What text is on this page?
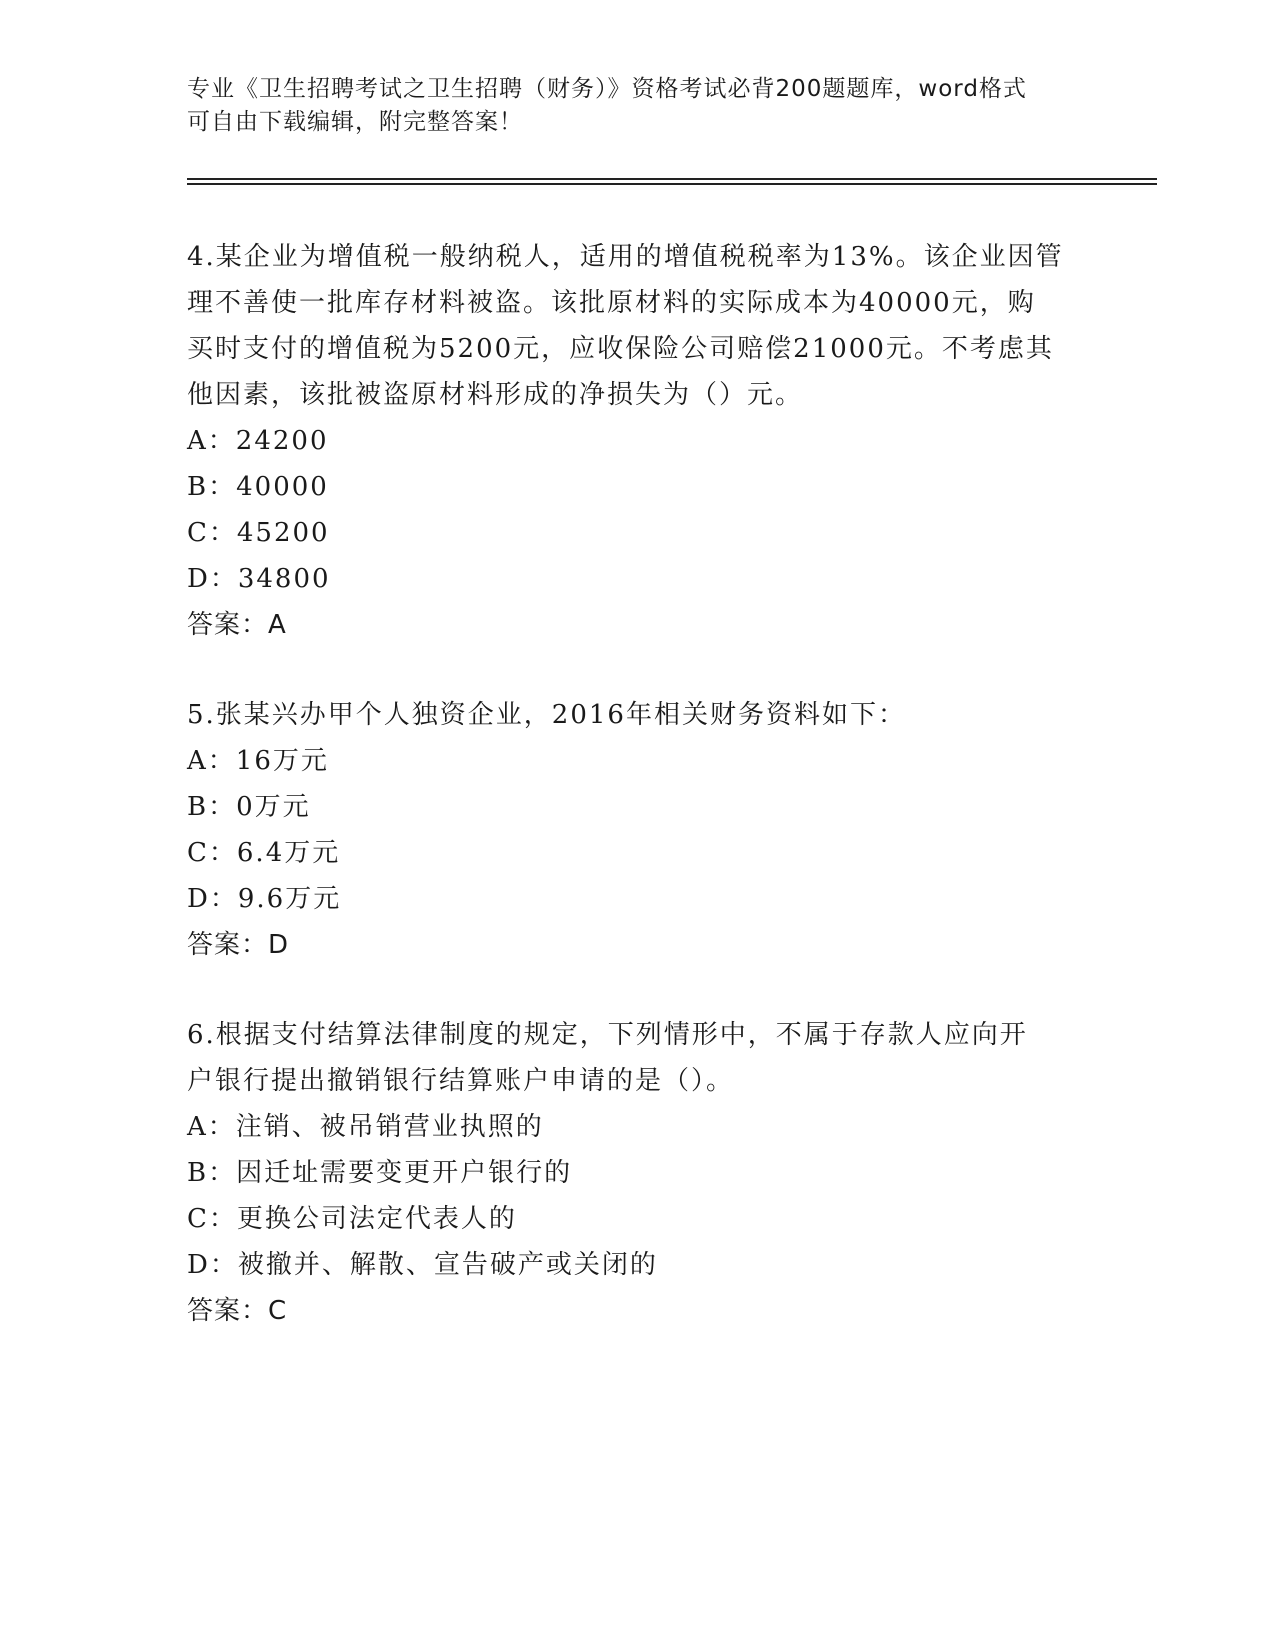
专业《卫生招聘考试之卫生招聘（财务）》资格考试必背200题题库，word格式
可自由下载编辑，附完整答案！

4.某企业为增值税一般纳税人，适用的增值税税率为13%。该企业因管

理不善使一批库存材料被盗。该批原材料的实际成本为40000元，购

买时支付的增值税为5200元，应收保险公司赔偿21000元。不考虑其

他因素，该批被盗原材料形成的净损失为（）元。

A：24200

B：40000

C：45200

D：34800

答案：A

5.张某兴办甲个人独资企业，2016年相关财务资料如下：

A：16万元

B：0万元

C：6.4万元

D：9.6万元

答案：D

6.根据支付结算法律制度的规定，下列情形中，不属于存款人应向开

户银行提出撤销银行结算账户申请的是（）。

A：注销、被吊销营业执照的

B：因迁址需要变更开户银行的

C：更换公司法定代表人的

D：被撤并、解散、宣告破产或关闭的

答案：C
